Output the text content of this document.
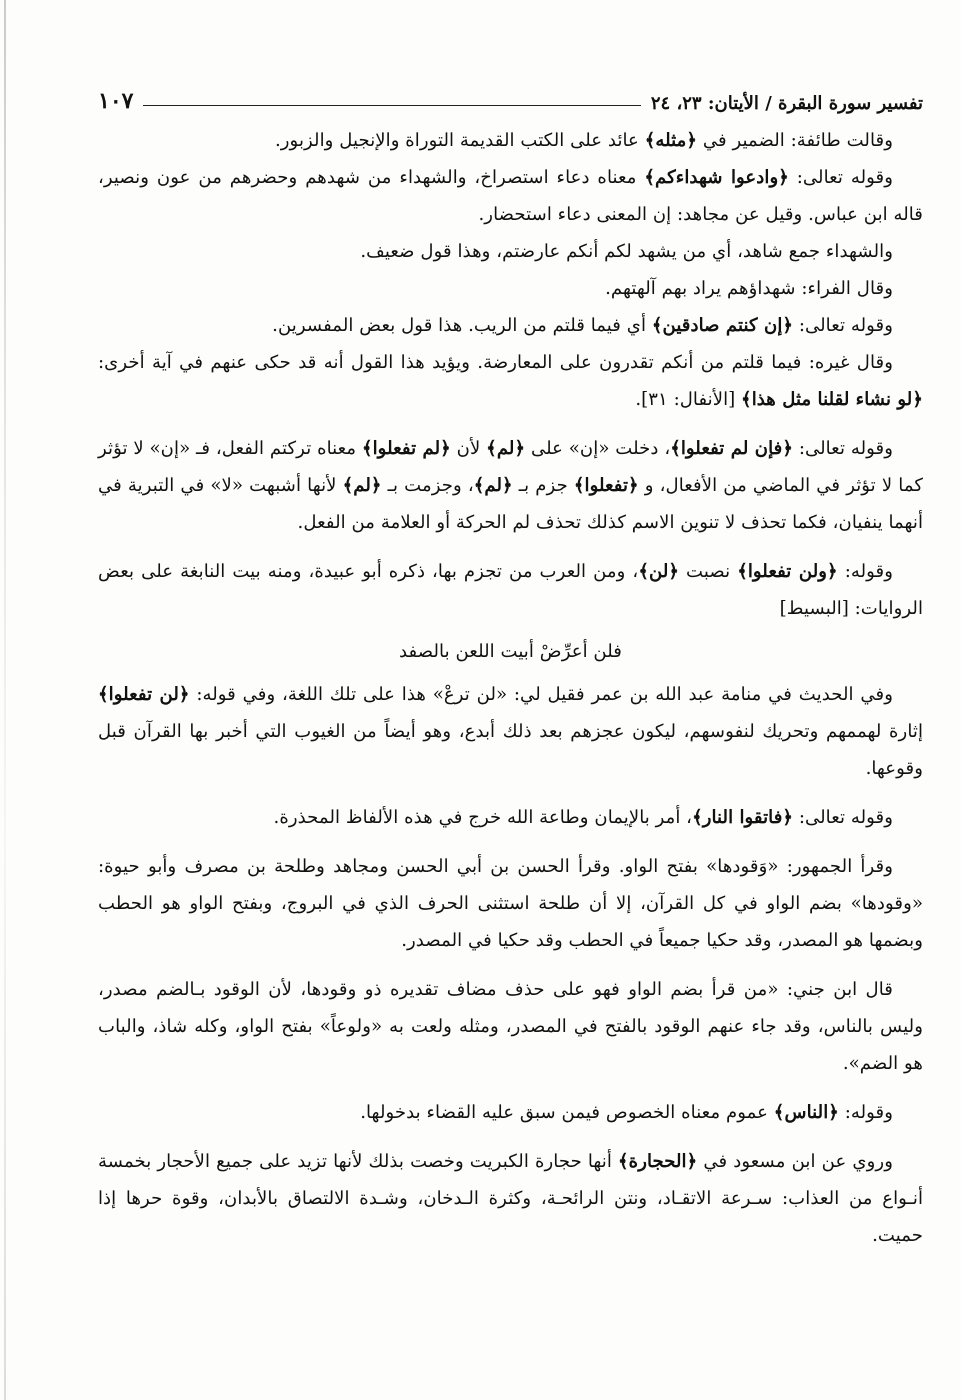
تفسير سورة البقرة / الأيتان: ٢٣، ٢٤
١٠٧

وقالت طائفة: الضمير في ﴿مثله﴾ عائد على الكتب القديمة التوراة والإنجيل والزبور.

وقوله تعالى: ﴿وادعوا شهداءكم﴾ معناه دعاء استصراخ، والشهداء من شهدهم وحضرهم من عون ونصير، قاله ابن عباس. وقيل عن مجاهد: إن المعنى دعاء استحضار.

والشهداء جمع شاهد، أي من يشهد لكم أنكم عارضتم، وهذا قول ضعيف.

وقال الفراء: شهداؤهم يراد بهم آلهتهم.

وقوله تعالى: ﴿إن كنتم صادقين﴾ أي فيما قلتم من الريب. هذا قول بعض المفسرين.

وقال غيره: فيما قلتم من أنكم تقدرون على المعارضة. ويؤيد هذا القول أنه قد حكى عنهم في آية أخرى: ﴿لو نشاء لقلنا مثل هذا﴾ [الأنفال: ٣١].

وقوله تعالى: ﴿فإن لم تفعلوا﴾، دخلت «إن» على ﴿لم﴾ لأن ﴿لم تفعلوا﴾ معناه تركتم الفعل، فـ «إن» لا تؤثر كما لا تؤثر في الماضي من الأفعال، و ﴿تفعلوا﴾ جزم بـ ﴿لم﴾، وجزمت بـ ﴿لم﴾ لأنها أشبهت «لا» في التبرية في أنهما ينفيان، فكما تحذف لا تنوين الاسم كذلك تحذف لم الحركة أو العلامة من الفعل.

وقوله: ﴿ولن تفعلوا﴾ نصبت ﴿لن﴾، ومن العرب من تجزم بها، ذكره أبو عبيدة، ومنه بيت النابغة على بعض الروايات: [البسيط]

فلن أعرِّضْ أبيت اللعن بالصفد

وفي الحديث في منامة عبد الله بن عمر فقيل لي: «لن ترعْ» هذا على تلك اللغة، وفي قوله: ﴿لن تفعلوا﴾ إثارة لهممهم وتحريك لنفوسهم، ليكون عجزهم بعد ذلك أبدع، وهو أيضاً من الغيوب التي أخبر بها القرآن قبل وقوعها.

وقوله تعالى: ﴿فاتقوا النار﴾، أمر بالإيمان وطاعة الله خرج في هذه الألفاظ المحذرة.

وقرأ الجمهور: «وَقودها» بفتح الواو. وقرأ الحسن بن أبي الحسن ومجاهد وطلحة بن مصرف وأبو حيوة: «وقودها» بضم الواو في كل القرآن، إلا أن طلحة استثنى الحرف الذي في البروج، وبفتح الواو هو الحطب وبضمها هو المصدر، وقد حكيا جميعاً في الحطب وقد حكيا في المصدر.

قال ابن جني: «من قرأ بضم الواو فهو على حذف مضاف تقديره ذو وقودها، لأن الوقود بـالضم مصدر، وليس بالناس، وقد جاء عنهم الوقود بالفتح في المصدر، ومثله ولعت به «ولوعاً» بفتح الواو، وكله شاذ، والباب هو الضم».

وقوله: ﴿الناس﴾ عموم معناه الخصوص فيمن سبق عليه القضاء بدخولها.

وروي عن ابن مسعود في ﴿الحجارة﴾ أنها حجارة الكبريت وخصت بذلك لأنها تزيد على جميع الأحجار بخمسة أنـواع من العذاب: سـرعة الاتقـاد، ونتن الرائحـة، وكثرة الـدخان، وشـدة الالتصاق بالأبدان، وقوة حرها إذا حميت.
